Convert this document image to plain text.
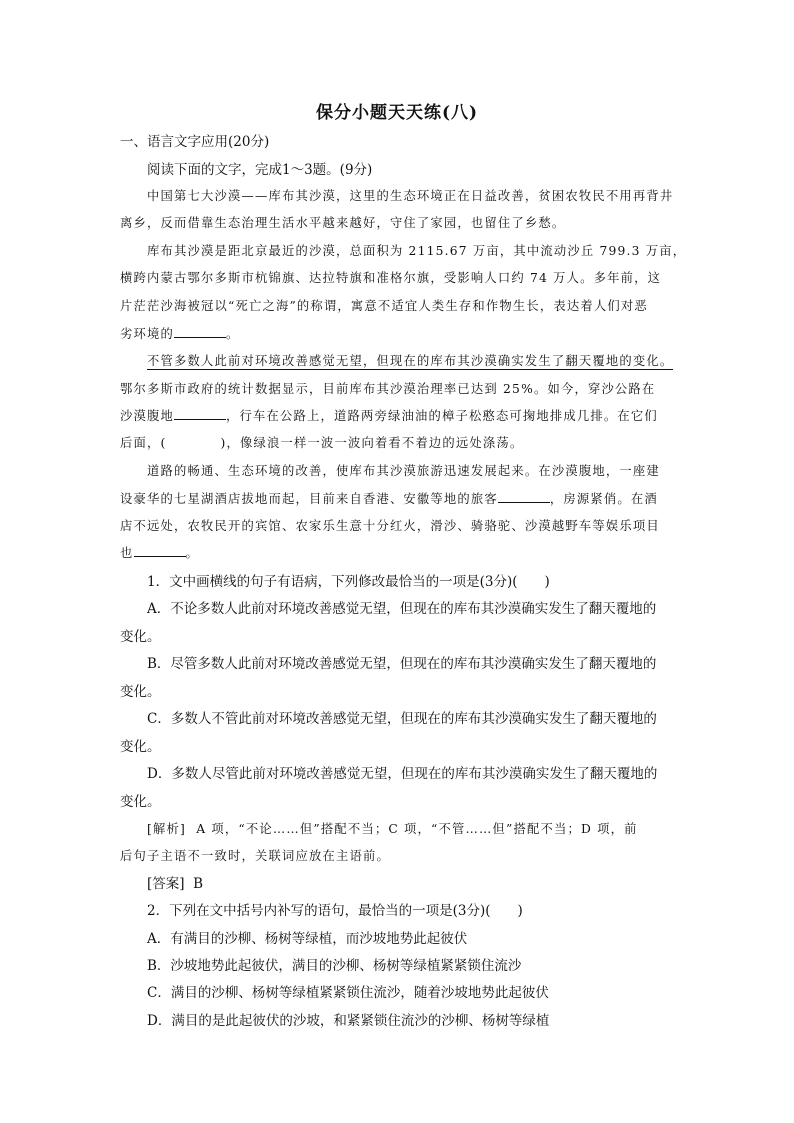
保分小题天天练(八)
一、语言文字应用(20分)
阅读下面的文字，完成1～3题。(9分)
中国第七大沙漠——库布其沙漠，这里的生态环境正在日益改善，贫困农牧民不用再背井
离乡，反而借靠生态治理生活水平越来越好，守住了家园，也留住了乡愁。
库布其沙漠是距北京最近的沙漠，总面积为 2115.67 万亩，其中流动沙丘 799.3 万亩，
横跨内蒙古鄂尔多斯市杭锦旗、达拉特旗和准格尔旗，受影响人口约 74 万人。多年前，这
片茫茫沙海被冠以“死亡之海”的称谓，寓意不适宜人类生存和作物生长，表达着人们对恶
劣环境的	。
不管多数人此前对环境改善感觉无望，但现在的库布其沙漠确实发生了翻天覆地的变化。
鄂尔多斯市政府的统计数据显示，目前库布其沙漠治理率已达到 25%。如今，穿沙公路在
沙漠腹地	，行车在公路上，道路两旁绿油油的樟子松憨态可掬地排成几排。在它们
后面，(　　　　)，像绿浪一样一波一波向着看不着边的远处涤荡。
道路的畅通、生态环境的改善，使库布其沙漠旅游迅速发展起来。在沙漠腹地，一座建
设豪华的七星湖酒店拔地而起，目前来自香港、安徽等地的旅客	，房源紧俏。在酒
店不远处，农牧民开的宾馆、农家乐生意十分红火，滑沙、骑骆驼、沙漠越野车等娱乐项目
也	。
1．文中画横线的句子有语病，下列修改最恰当的一项是(3分)(　　)
A．不论多数人此前对环境改善感觉无望，但现在的库布其沙漠确实发生了翻天覆地的
变化。
B．尽管多数人此前对环境改善感觉无望，但现在的库布其沙漠确实发生了翻天覆地的
变化。
C．多数人不管此前对环境改善感觉无望，但现在的库布其沙漠确实发生了翻天覆地的
变化。
D．多数人尽管此前对环境改善感觉无望，但现在的库布其沙漠确实发生了翻天覆地的
变化。
[解析] A 项，“不论……但”搭配不当；C 项，“不管……但”搭配不当；D 项，前
后句子主语不一致时，关联词应放在主语前。
[答案] B
2．下列在文中括号内补写的语句，最恰当的一项是(3分)(　　)
A．有满目的沙柳、杨树等绿植，而沙坡地势此起彼伏
B．沙坡地势此起彼伏，满目的沙柳、杨树等绿植紧紧锁住流沙
C．满目的沙柳、杨树等绿植紧紧锁住流沙，随着沙坡地势此起彼伏
D．满目的是此起彼伏的沙坡，和紧紧锁住流沙的沙柳、杨树等绿植
